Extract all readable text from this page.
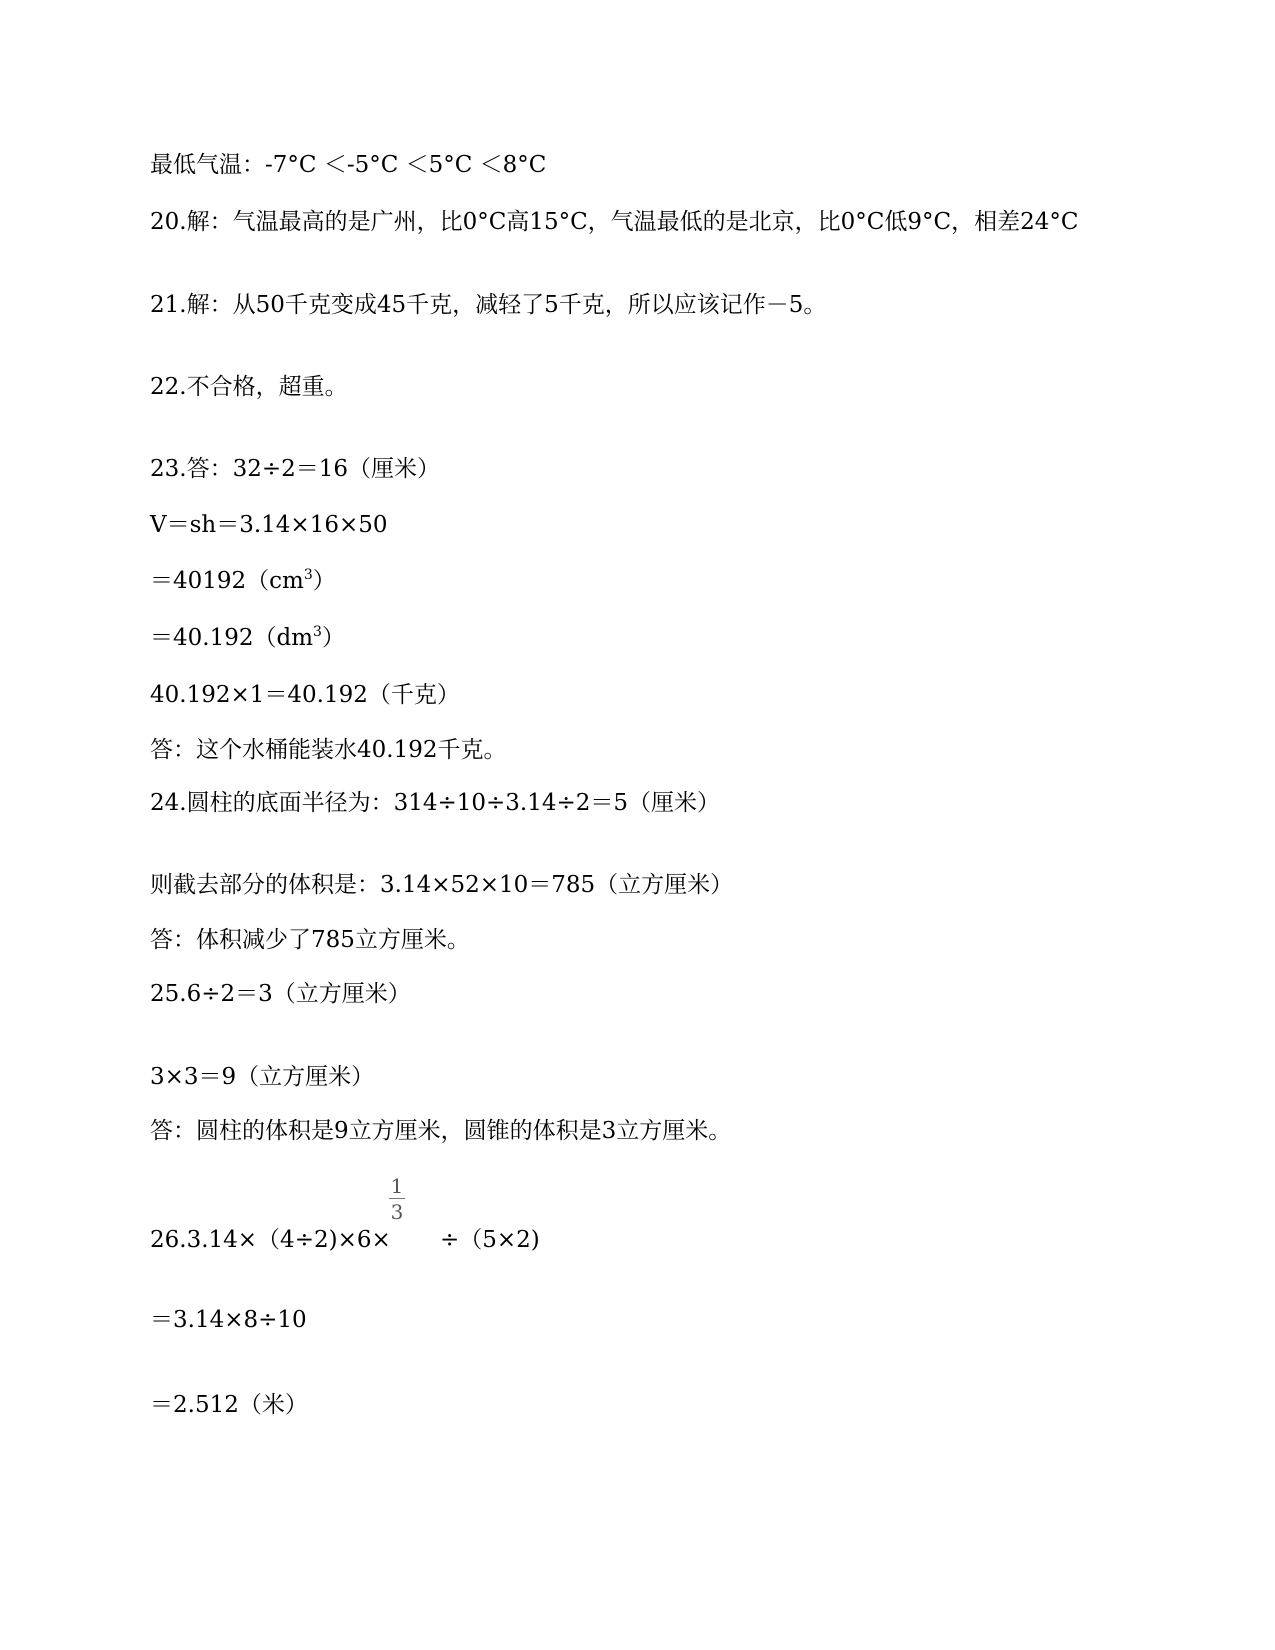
最低气温：-7°C ＜-5°C ＜5°C ＜8°C
20.解：气温最高的是广州，比0°C高15°C，气温最低的是北京，比0°C低9°C，相差24°C
21.解：从50千克变成45千克，减轻了5千克，所以应该记作－5。
22.不合格，超重。
23.答：32÷2＝16（厘米）
V＝sh＝3.14×16×50
$=40192(cm^3)$
$=40.192(dm^3)$
40.192×1＝40.192（千克）
答：这个水桶能装水40.192千克。
24.圆柱的底面半径为：314÷10÷3.14÷2＝5（厘米）
则截去部分的体积是：3.14×52×10＝785（立方厘米）
答：体积减少了785立方厘米。
25.6÷2＝3（立方厘米）
3×3＝9（立方厘米）
答：圆柱的体积是9立方厘米，圆锥的体积是3立方厘米。
26.3.14×（4÷2)×6×
1
3
÷（5×2)
＝3.14×8÷10
＝2.512（米）
